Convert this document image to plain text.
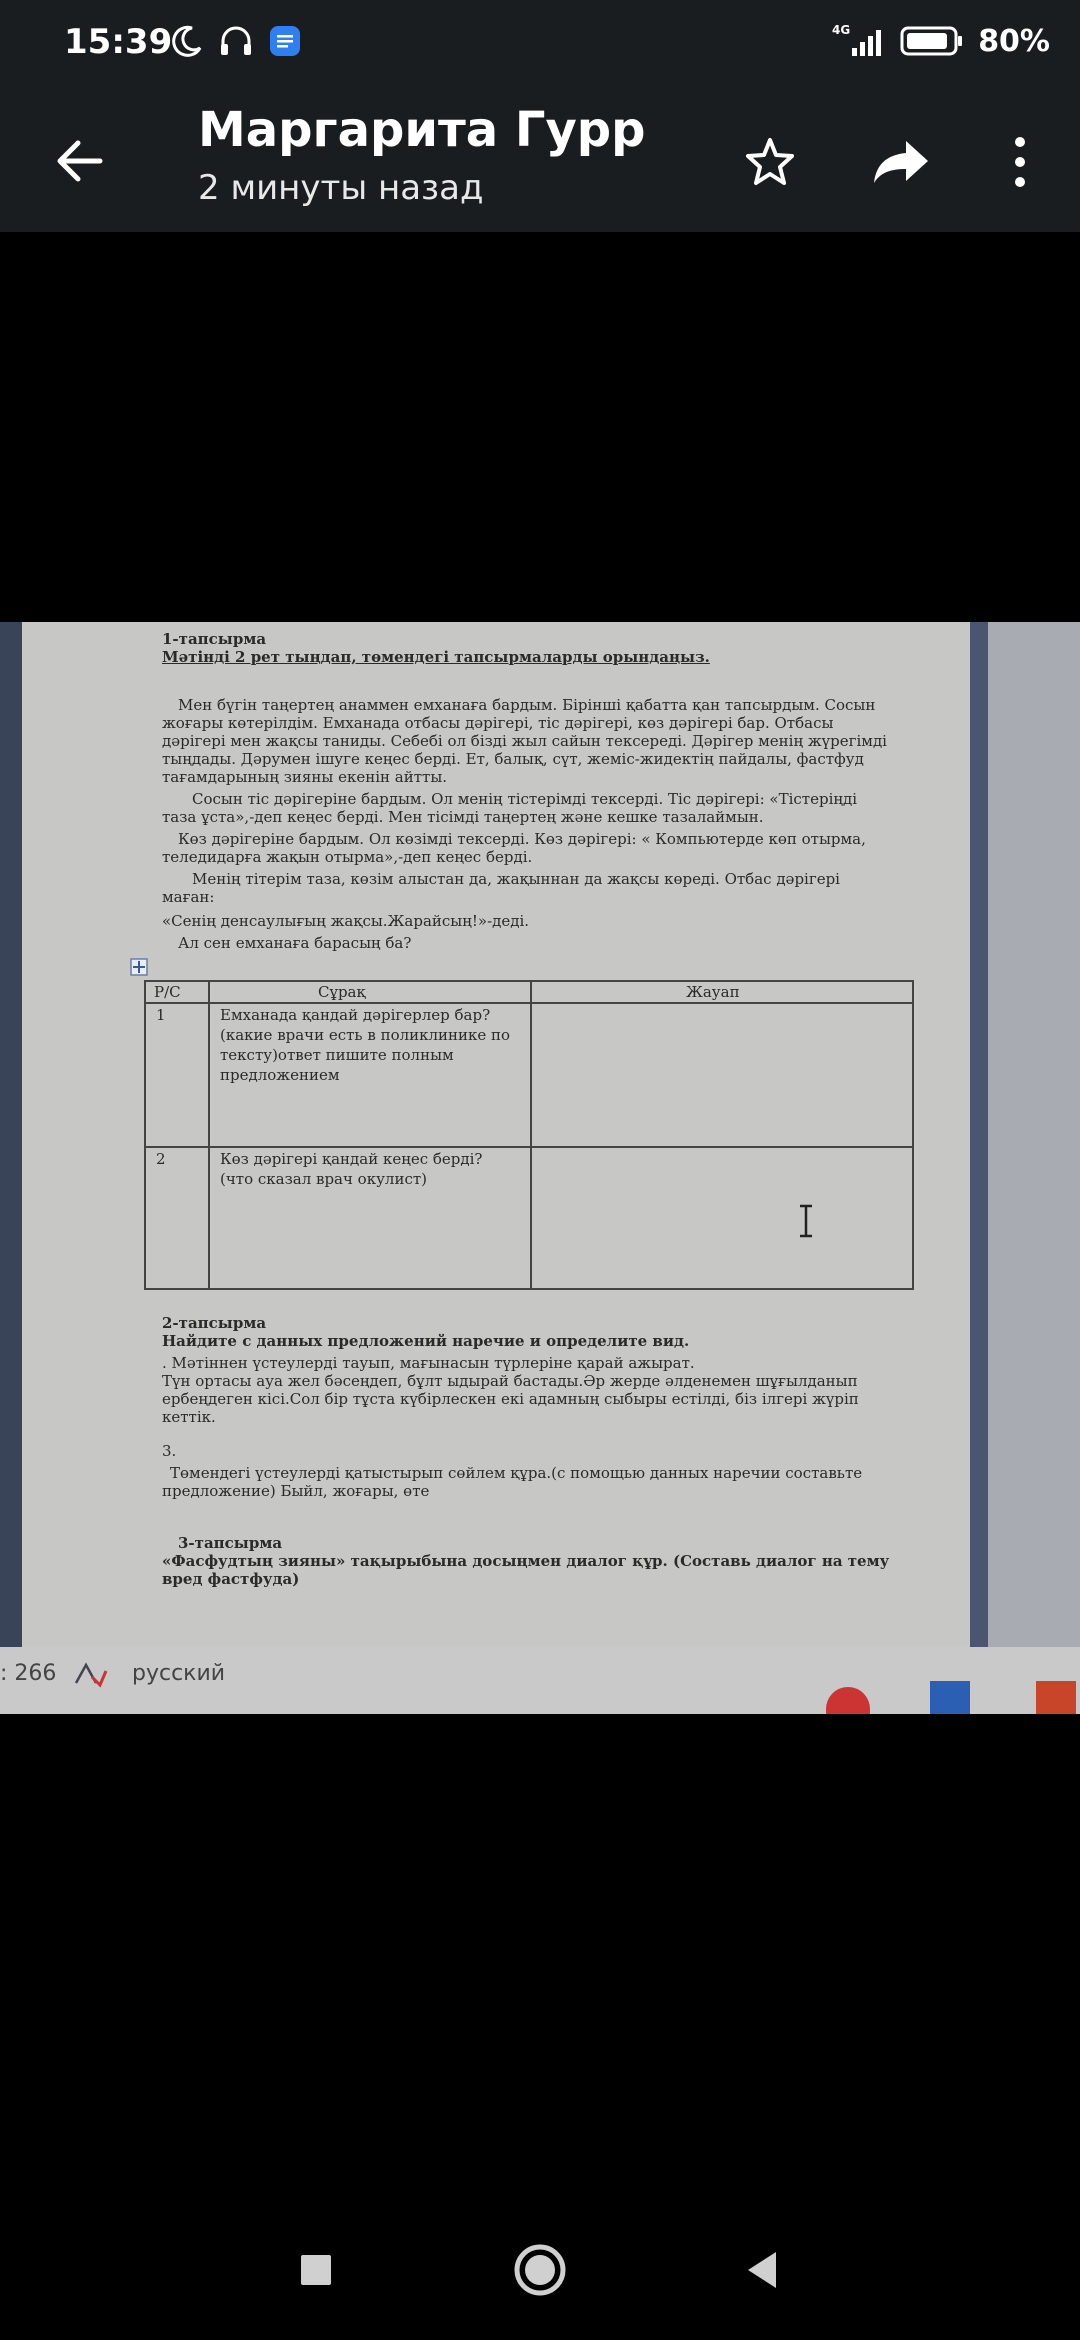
15:39	4G	80%
Маргарита Гурр
2 минуты назад
1-тапсырма
Мәтінді 2 рет тыңдап, төмендегі тапсырмаларды орындаңыз.
Мен бүгін таңертең анаммен емханаға бардым. Бірінші қабатта қан тапсырдым. Сосын
жоғары көтерілдім. Емханада отбасы дәрігері, тіс дәрігері, көз дәрігері бар. Отбасы
дәрігері мен жақсы таниды. Себебі ол бізді жыл сайын тексереді. Дәрігер менің жүрегімді
тыңдады. Дәрумен ішуге кеңес берді. Ет, балық, сүт, жеміс-жидектің пайдалы, фастфуд
тағамдарының зияны екенін айтты.
Сосын тіс дәрігеріне бардым. Ол менің тістерімді тексерді. Тіс дәрігері: «Тістеріңді
таза ұста»,-деп кеңес берді. Мен тісімді таңертең және кешке тазалаймын.
Көз дәрігеріне бардым. Ол көзімді тексерді. Көз дәрігері: « Компьютерде көп отырма,
теледидарға жақын отырма»,-деп кеңес берді.
Менің тітерім таза, көзім алыстан да, жақыннан да жақсы көреді. Отбас дәрігері
маған:
«Сенің денсаулығың жақсы.Жарайсың!»-деді.
Ал сен емханаға барасың ба?
Р/С	Сұрақ	Жауап
1	Емханада қандай дәрігерлер бар?
(какие врачи есть в поликлинике по
тексту)ответ пишите полным
предложением
2	Көз дәрігері қандай кеңес берді?
(что сказал врач окулист)
2-тапсырма
Найдите с данных предложений наречие и определите вид.
. Мәтіннен үстеулерді тауып, мағынасын түрлеріне қарай ажырат.
Түн ортасы ауа жел бәсеңдеп, бұлт ыдырай бастады.Әр жерде әлденемен шұғылданып
ербеңдеген кісі.Сол бір тұста күбірлескен екі адамның сыбыры естілді, біз ілгері жүріп
кеттік.
3.
Төмендегі үстеулерді қатыстырып сөйлем құра.(с помощью данных наречии составьте
предложение) Быйл, жоғары, өте
3-тапсырма
«Фасфудтың зияны» тақырыбына досыңмен диалог құр. (Составь диалог на тему
вред фастфуда)
: 266	русский
